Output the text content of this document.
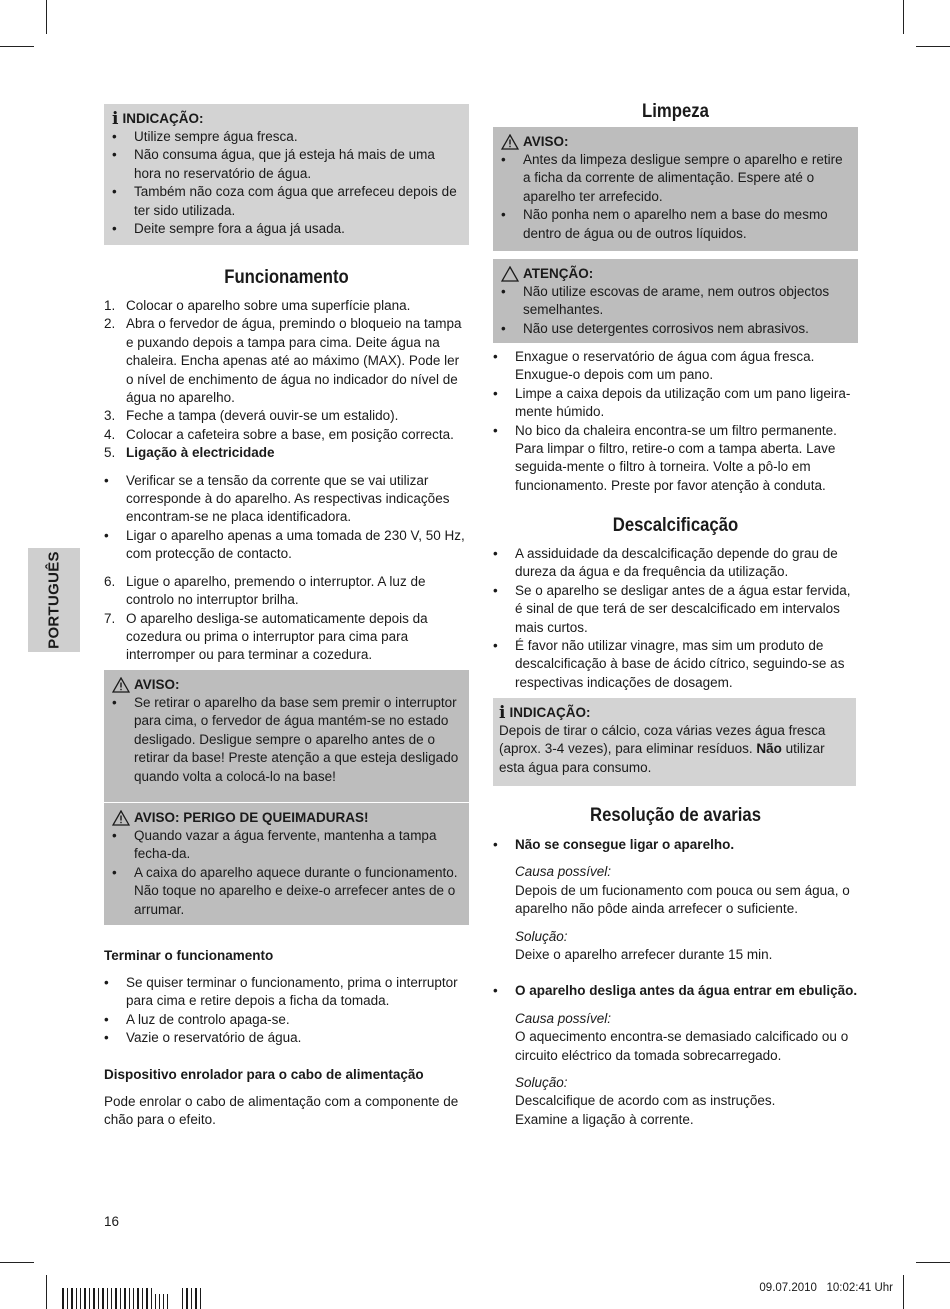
PORTUGUÊS
i INDICAÇÃO:
• Utilize sempre água fresca.
• Não consuma água, que já esteja há mais de uma hora no reservatório de água.
• Também não coza com água que arrefeceu depois de ter sido utilizada.
• Deite sempre fora a água já usada.
Funcionamento
1. Colocar o aparelho sobre uma superfície plana.
2. Abra o fervedor de água, premindo o bloqueio na tampa e puxando depois a tampa para cima. Deite água na chaleira. Encha apenas até ao máximo (MAX). Pode ler o nível de enchimento de água no indicador do nível de água no aparelho.
3. Feche a tampa (deverá ouvir-se um estalido).
4. Colocar a cafeteira sobre a base, em posição correcta.
5. Ligação à electricidade
• Verificar se a tensão da corrente que se vai utilizar corresponde à do aparelho. As respectivas indicações encontram-se ne placa identificadora.
• Ligar o aparelho apenas a uma tomada de 230 V, 50 Hz, com protecção de contacto.
6. Ligue o aparelho, premendo o interruptor. A luz de controlo no interruptor brilha.
7. O aparelho desliga-se automaticamente depois da cozedura ou prima o interruptor para cima para interromper ou para terminar a cozedura.
AVISO:
• Se retirar o aparelho da base sem premir o interruptor para cima, o fervedor de água mantém-se no estado desligado. Desligue sempre o aparelho antes de o retirar da base! Preste atenção a que esteja desligado quando volta a colocá-lo na base!
AVISO: PERIGO DE QUEIMADURAS!
• Quando vazar a água fervente, mantenha a tampa fecha-da.
• A caixa do aparelho aquece durante o funcionamento. Não toque no aparelho e deixe-o arrefecer antes de o arrumar.
Terminar o funcionamento
• Se quiser terminar o funcionamento, prima o interruptor para cima e retire depois a ficha da tomada.
• A luz de controlo apaga-se.
• Vazie o reservatório de água.
Dispositivo enrolador para o cabo de alimentação

Pode enrolar o cabo de alimentação com a componente de chão para o efeito.

Limpeza
AVISO:
• Antes da limpeza desligue sempre o aparelho e retire a ficha da corrente de alimentação. Espere até o aparelho ter arrefecido.
• Não ponha nem o aparelho nem a base do mesmo dentro de água ou de outros líquidos.
ATENÇÃO:
• Não utilize escovas de arame, nem outros objectos semelhantes.
• Não use detergentes corrosivos nem abrasivos.
• Enxague o reservatório de água com água fresca. Enxugue-o depois com um pano.
• Limpe a caixa depois da utilização com um pano ligeira-mente húmido.
• No bico da chaleira encontra-se um filtro permanente. Para limpar o filtro, retire-o com a tampa aberta. Lave seguida-mente o filtro à torneira. Volte a pô-lo em funcionamento. Preste por favor atenção à conduta.
Descalcificação
• A assiduidade da descalcificação depende do grau de dureza da água e da frequência da utilização.
• Se o aparelho se desligar antes de a água estar fervida, é sinal de que terá de ser descalcificado em intervalos mais curtos.
• É favor não utilizar vinagre, mas sim um produto de descalcificação à base de ácido cítrico, seguindo-se as respectivas indicações de dosagem.
i INDICAÇÃO:

Depois de tirar o cálcio, coza várias vezes água fresca (aprox. 3-4 vezes), para eliminar resíduos. Não utilizar esta água para consumo.

Resolução de avarias
• Não se consegue ligar o aparelho.

Causa possível:

Depois de um fucionamento com pouca ou sem água, o aparelho não pôde ainda arrefecer o suficiente.

Solução:

Deixe o aparelho arrefecer durante 15 min.

• O aparelho desliga antes da água entrar em ebulição.

Causa possível:

O aquecimento encontra-se demasiado calcificado ou o circuito eléctrico da tomada sobrecarregado.

Solução:

Descalcifique de acordo com as instruções.

Examine a ligação à corrente.

16
09.07.2010 10:02:41 Uhr
